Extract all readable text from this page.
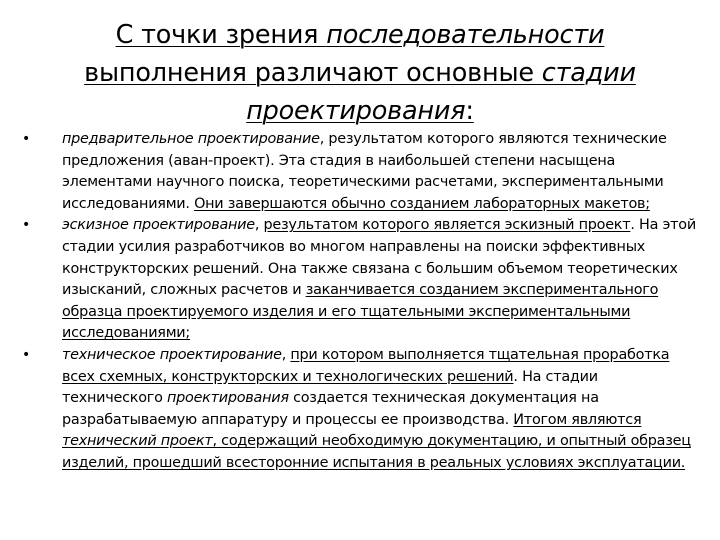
С точки зрения последовательности выполнения различают основные стадии проектирования:
• предварительное проектирование, результатом которого являются технические предложения (аван-проект). Эта стадия в наибольшей степени насыщена элементами научного поиска, теоретическими расчетами, экспериментальными исследованиями. Они завершаются обычно созданием лабораторных макетов;
• эскизное проектирование, результатом которого является эскизный проект. На этой стадии усилия разработчиков во многом направлены на поиски эффективных конструкторских решений. Она также связана с большим объемом теоретических изысканий, сложных расчетов и заканчивается созданием экспериментального образца проектируемого изделия и его тщательными экспериментальными исследованиями;
• техническое проектирование, при котором выполняется тщательная проработка всех схемных, конструкторских и технологических решений. На стадии технического проектирования создается техническая документация на разрабатываемую аппаратуру и процессы ее производства. Итогом являются технический проект, содержащий необходимую документацию, и опытный образец изделий, прошедший всесторонние испытания в реальных условиях эксплуатации.
